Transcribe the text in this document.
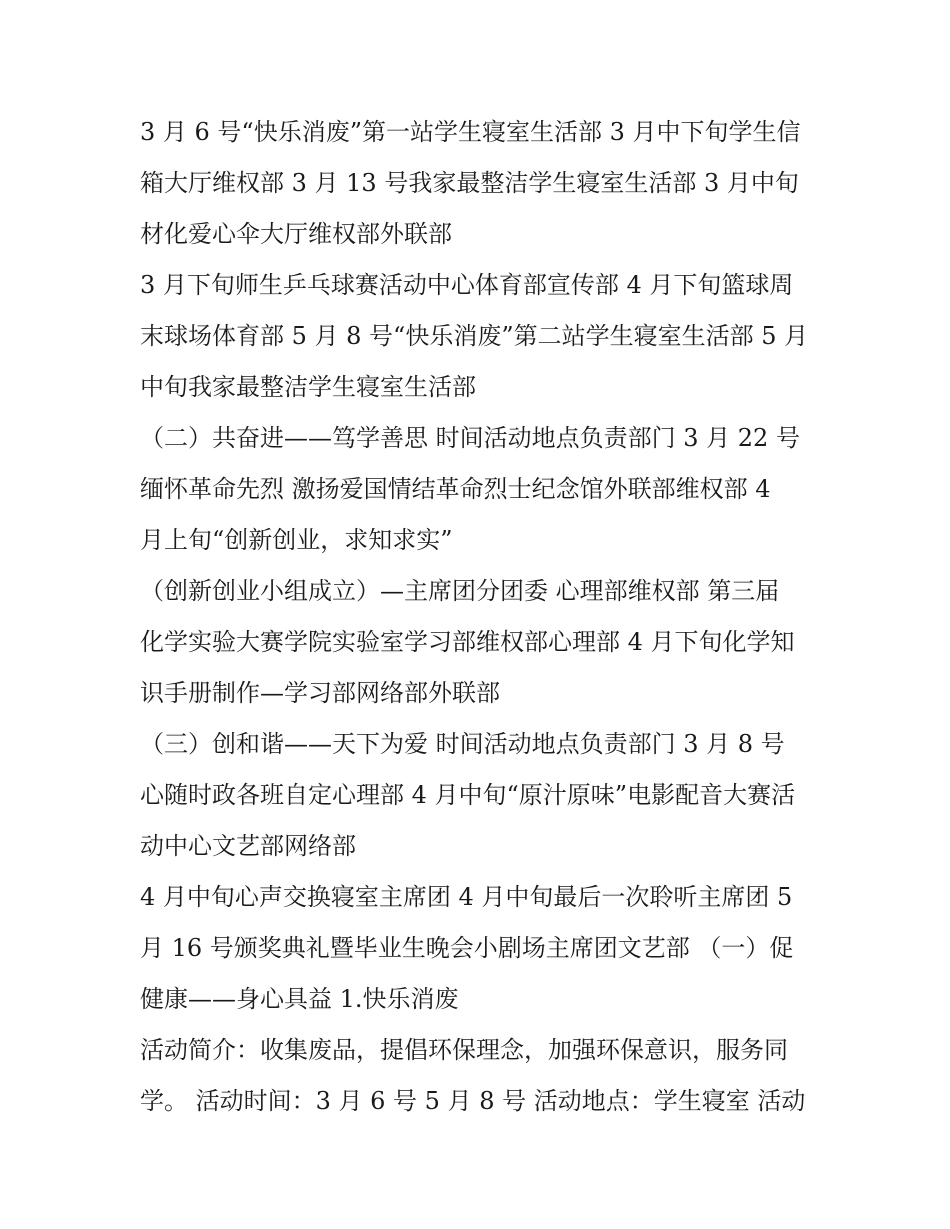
3 月 6 号“快乐消废”第一站学生寝室生活部 3 月中下旬学生信
箱大厅维权部 3 月 13 号我家最整洁学生寝室生活部 3 月中旬
材化爱心伞大厅维权部外联部
3 月下旬师生乒乓球赛活动中心体育部宣传部 4 月下旬篮球周
末球场体育部 5 月 8 号“快乐消废”第二站学生寝室生活部 5 月
中旬我家最整洁学生寝室生活部
（二）共奋进——笃学善思 时间活动地点负责部门 3 月 22 号
缅怀革命先烈 激扬爱国情结革命烈士纪念馆外联部维权部 4
月上旬“创新创业，求知求实”
（创新创业小组成立）—主席团分团委 心理部维权部 第三届
化学实验大赛学院实验室学习部维权部心理部 4 月下旬化学知
识手册制作—学习部网络部外联部
（三）创和谐——天下为爱 时间活动地点负责部门 3 月 8 号
心随时政各班自定心理部 4 月中旬“原汁原味”电影配音大赛活
动中心文艺部网络部
4 月中旬心声交换寝室主席团 4 月中旬最后一次聆听主席团 5
月 16 号颁奖典礼暨毕业生晚会小剧场主席团文艺部 （一）促
健康——身心具益 1.快乐消废
活动简介：收集废品，提倡环保理念，加强环保意识，服务同
学。 活动时间：3 月 6 号 5 月 8 号 活动地点：学生寝室 活动
